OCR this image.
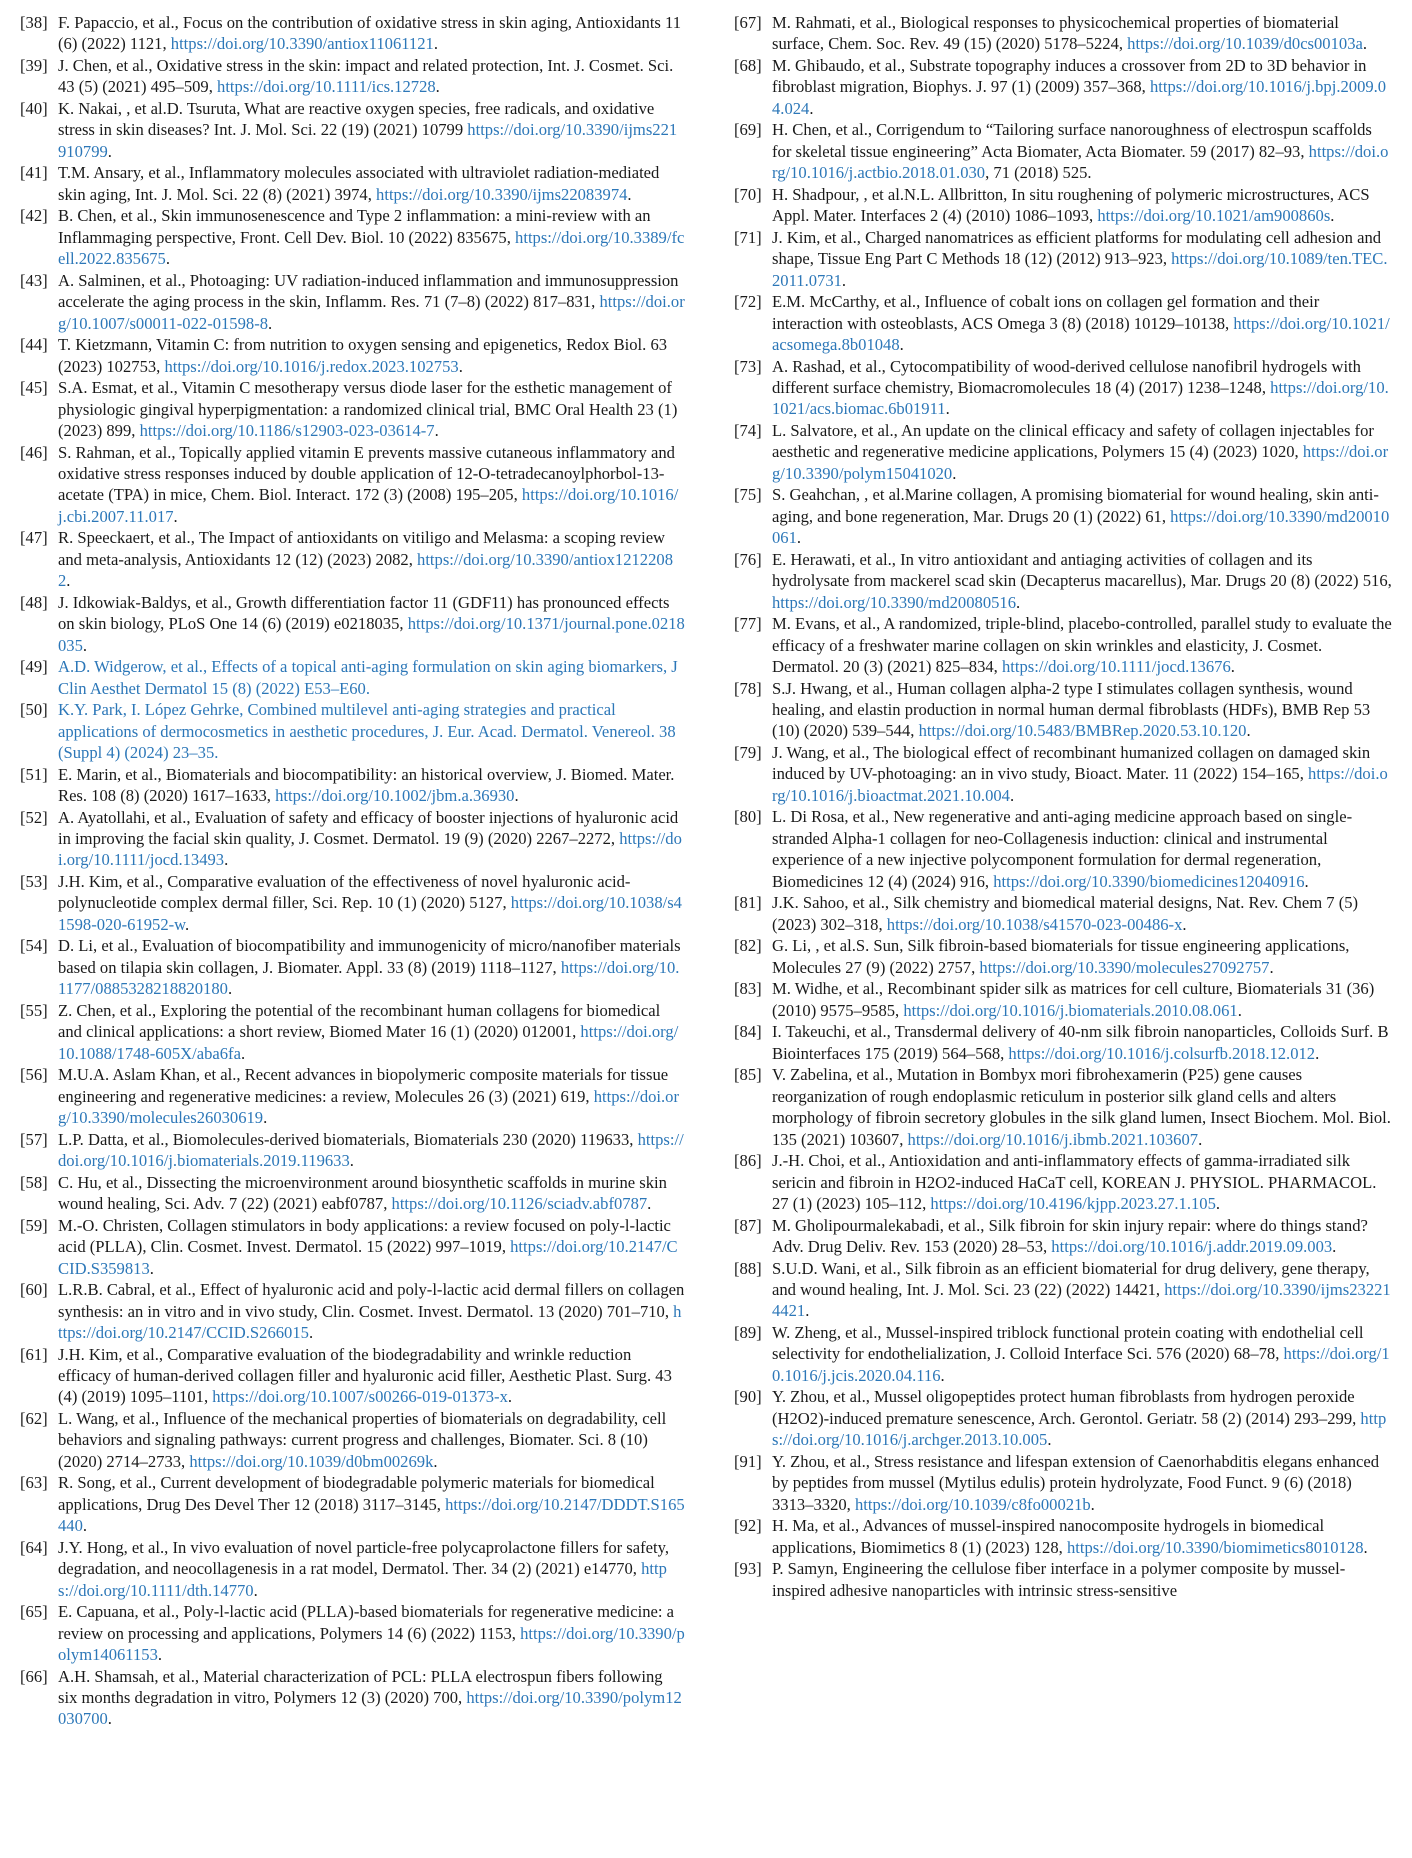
[38] F. Papaccio, et al., Focus on the contribution of oxidative stress in skin aging, Antioxidants 11 (6) (2022) 1121, https://doi.org/10.3390/antiox11061121.
[39] J. Chen, et al., Oxidative stress in the skin: impact and related protection, Int. J. Cosmet. Sci. 43 (5) (2021) 495–509, https://doi.org/10.1111/ics.12728.
[40] K. Nakai, , et al.D. Tsuruta, What are reactive oxygen species, free radicals, and oxidative stress in skin diseases? Int. J. Mol. Sci. 22 (19) (2021) 10799 https://doi.org/10.3390/ijms221910799.
[41] T.M. Ansary, et al., Inflammatory molecules associated with ultraviolet radiation-mediated skin aging, Int. J. Mol. Sci. 22 (8) (2021) 3974, https://doi.org/10.3390/ijms22083974.
[42] B. Chen, et al., Skin immunosenescence and Type 2 inflammation: a mini-review with an Inflammaging perspective, Front. Cell Dev. Biol. 10 (2022) 835675, https://doi.org/10.3389/fcell.2022.835675.
[43] A. Salminen, et al., Photoaging: UV radiation-induced inflammation and immunosuppression accelerate the aging process in the skin, Inflamm. Res. 71 (7–8) (2022) 817–831, https://doi.org/10.1007/s00011-022-01598-8.
[44] T. Kietzmann, Vitamin C: from nutrition to oxygen sensing and epigenetics, Redox Biol. 63 (2023) 102753, https://doi.org/10.1016/j.redox.2023.102753.
[45] S.A. Esmat, et al., Vitamin C mesotherapy versus diode laser for the esthetic management of physiologic gingival hyperpigmentation: a randomized clinical trial, BMC Oral Health 23 (1) (2023) 899, https://doi.org/10.1186/s12903-023-03614-7.
[46] S. Rahman, et al., Topically applied vitamin E prevents massive cutaneous inflammatory and oxidative stress responses induced by double application of 12-O-tetradecanoylphorbol-13-acetate (TPA) in mice, Chem. Biol. Interact. 172 (3) (2008) 195–205, https://doi.org/10.1016/j.cbi.2007.11.017.
[47] R. Speeckaert, et al., The Impact of antioxidants on vitiligo and Melasma: a scoping review and meta-analysis, Antioxidants 12 (12) (2023) 2082, https://doi.org/10.3390/antiox12122082.
[48] J. Idkowiak-Baldys, et al., Growth differentiation factor 11 (GDF11) has pronounced effects on skin biology, PLoS One 14 (6) (2019) e0218035, https://doi.org/10.1371/journal.pone.0218035.
[49] A.D. Widgerow, et al., Effects of a topical anti-aging formulation on skin aging biomarkers, J Clin Aesthet Dermatol 15 (8) (2022) E53–E60.
[50] K.Y. Park, I. López Gehrke, Combined multilevel anti-aging strategies and practical applications of dermocosmetics in aesthetic procedures, J. Eur. Acad. Dermatol. Venereol. 38 (Suppl 4) (2024) 23–35.
[51] E. Marin, et al., Biomaterials and biocompatibility: an historical overview, J. Biomed. Mater. Res. 108 (8) (2020) 1617–1633, https://doi.org/10.1002/jbm.a.36930.
[52] A. Ayatollahi, et al., Evaluation of safety and efficacy of booster injections of hyaluronic acid in improving the facial skin quality, J. Cosmet. Dermatol. 19 (9) (2020) 2267–2272, https://doi.org/10.1111/jocd.13493.
[53] J.H. Kim, et al., Comparative evaluation of the effectiveness of novel hyaluronic acid-polynucleotide complex dermal filler, Sci. Rep. 10 (1) (2020) 5127, https://doi.org/10.1038/s41598-020-61952-w.
[54] D. Li, et al., Evaluation of biocompatibility and immunogenicity of micro/nanofiber materials based on tilapia skin collagen, J. Biomater. Appl. 33 (8) (2019) 1118–1127, https://doi.org/10.1177/0885328218820180.
[55] Z. Chen, et al., Exploring the potential of the recombinant human collagens for biomedical and clinical applications: a short review, Biomed Mater 16 (1) (2020) 012001, https://doi.org/10.1088/1748-605X/aba6fa.
[56] M.U.A. Aslam Khan, et al., Recent advances in biopolymeric composite materials for tissue engineering and regenerative medicines: a review, Molecules 26 (3) (2021) 619, https://doi.org/10.3390/molecules26030619.
[57] L.P. Datta, et al., Biomolecules-derived biomaterials, Biomaterials 230 (2020) 119633, https://doi.org/10.1016/j.biomaterials.2019.119633.
[58] C. Hu, et al., Dissecting the microenvironment around biosynthetic scaffolds in murine skin wound healing, Sci. Adv. 7 (22) (2021) eabf0787, https://doi.org/10.1126/sciadv.abf0787.
[59] M.-O. Christen, Collagen stimulators in body applications: a review focused on poly-l-lactic acid (PLLA), Clin. Cosmet. Invest. Dermatol. 15 (2022) 997–1019, https://doi.org/10.2147/CCID.S359813.
[60] L.R.B. Cabral, et al., Effect of hyaluronic acid and poly-l-lactic acid dermal fillers on collagen synthesis: an in vitro and in vivo study, Clin. Cosmet. Invest. Dermatol. 13 (2020) 701–710, https://doi.org/10.2147/CCID.S266015.
[61] J.H. Kim, et al., Comparative evaluation of the biodegradability and wrinkle reduction efficacy of human-derived collagen filler and hyaluronic acid filler, Aesthetic Plast. Surg. 43 (4) (2019) 1095–1101, https://doi.org/10.1007/s00266-019-01373-x.
[62] L. Wang, et al., Influence of the mechanical properties of biomaterials on degradability, cell behaviors and signaling pathways: current progress and challenges, Biomater. Sci. 8 (10) (2020) 2714–2733, https://doi.org/10.1039/d0bm00269k.
[63] R. Song, et al., Current development of biodegradable polymeric materials for biomedical applications, Drug Des Devel Ther 12 (2018) 3117–3145, https://doi.org/10.2147/DDDT.S165440.
[64] J.Y. Hong, et al., In vivo evaluation of novel particle-free polycaprolactone fillers for safety, degradation, and neocollagenesis in a rat model, Dermatol. Ther. 34 (2) (2021) e14770, https://doi.org/10.1111/dth.14770.
[65] E. Capuana, et al., Poly-l-lactic acid (PLLA)-based biomaterials for regenerative medicine: a review on processing and applications, Polymers 14 (6) (2022) 1153, https://doi.org/10.3390/polym14061153.
[66] A.H. Shamsah, et al., Material characterization of PCL: PLLA electrospun fibers following six months degradation in vitro, Polymers 12 (3) (2020) 700, https://doi.org/10.3390/polym12030700.
[67] M. Rahmati, et al., Biological responses to physicochemical properties of biomaterial surface, Chem. Soc. Rev. 49 (15) (2020) 5178–5224, https://doi.org/10.1039/d0cs00103a.
[68] M. Ghibaudo, et al., Substrate topography induces a crossover from 2D to 3D behavior in fibroblast migration, Biophys. J. 97 (1) (2009) 357–368, https://doi.org/10.1016/j.bpj.2009.04.024.
[69] H. Chen, et al., Corrigendum to “Tailoring surface nanoroughness of electrospun scaffolds for skeletal tissue engineering” Acta Biomater, Acta Biomater. 59 (2017) 82–93, https://doi.org/10.1016/j.actbio.2018.01.030, 71 (2018) 525.
[70] H. Shadpour, , et al.N.L. Allbritton, In situ roughening of polymeric microstructures, ACS Appl. Mater. Interfaces 2 (4) (2010) 1086–1093, https://doi.org/10.1021/am900860s.
[71] J. Kim, et al., Charged nanomatrices as efficient platforms for modulating cell adhesion and shape, Tissue Eng Part C Methods 18 (12) (2012) 913–923, https://doi.org/10.1089/ten.TEC.2011.0731.
[72] E.M. McCarthy, et al., Influence of cobalt ions on collagen gel formation and their interaction with osteoblasts, ACS Omega 3 (8) (2018) 10129–10138, https://doi.org/10.1021/acsomega.8b01048.
[73] A. Rashad, et al., Cytocompatibility of wood-derived cellulose nanofibril hydrogels with different surface chemistry, Biomacromolecules 18 (4) (2017) 1238–1248, https://doi.org/10.1021/acs.biomac.6b01911.
[74] L. Salvatore, et al., An update on the clinical efficacy and safety of collagen injectables for aesthetic and regenerative medicine applications, Polymers 15 (4) (2023) 1020, https://doi.org/10.3390/polym15041020.
[75] S. Geahchan, , et al.Marine collagen, A promising biomaterial for wound healing, skin anti-aging, and bone regeneration, Mar. Drugs 20 (1) (2022) 61, https://doi.org/10.3390/md20010061.
[76] E. Herawati, et al., In vitro antioxidant and antiaging activities of collagen and its hydrolysate from mackerel scad skin (Decapterus macarellus), Mar. Drugs 20 (8) (2022) 516, https://doi.org/10.3390/md20080516.
[77] M. Evans, et al., A randomized, triple-blind, placebo-controlled, parallel study to evaluate the efficacy of a freshwater marine collagen on skin wrinkles and elasticity, J. Cosmet. Dermatol. 20 (3) (2021) 825–834, https://doi.org/10.1111/jocd.13676.
[78] S.J. Hwang, et al., Human collagen alpha-2 type I stimulates collagen synthesis, wound healing, and elastin production in normal human dermal fibroblasts (HDFs), BMB Rep 53 (10) (2020) 539–544, https://doi.org/10.5483/BMBRep.2020.53.10.120.
[79] J. Wang, et al., The biological effect of recombinant humanized collagen on damaged skin induced by UV-photoaging: an in vivo study, Bioact. Mater. 11 (2022) 154–165, https://doi.org/10.1016/j.bioactmat.2021.10.004.
[80] L. Di Rosa, et al., New regenerative and anti-aging medicine approach based on single-stranded Alpha-1 collagen for neo-Collagenesis induction: clinical and instrumental experience of a new injective polycomponent formulation for dermal regeneration, Biomedicines 12 (4) (2024) 916, https://doi.org/10.3390/biomedicines12040916.
[81] J.K. Sahoo, et al., Silk chemistry and biomedical material designs, Nat. Rev. Chem 7 (5) (2023) 302–318, https://doi.org/10.1038/s41570-023-00486-x.
[82] G. Li, , et al.S. Sun, Silk fibroin-based biomaterials for tissue engineering applications, Molecules 27 (9) (2022) 2757, https://doi.org/10.3390/molecules27092757.
[83] M. Widhe, et al., Recombinant spider silk as matrices for cell culture, Biomaterials 31 (36) (2010) 9575–9585, https://doi.org/10.1016/j.biomaterials.2010.08.061.
[84] I. Takeuchi, et al., Transdermal delivery of 40-nm silk fibroin nanoparticles, Colloids Surf. B Biointerfaces 175 (2019) 564–568, https://doi.org/10.1016/j.colsurfb.2018.12.012.
[85] V. Zabelina, et al., Mutation in Bombyx mori fibrohexamerin (P25) gene causes reorganization of rough endoplasmic reticulum in posterior silk gland cells and alters morphology of fibroin secretory globules in the silk gland lumen, Insect Biochem. Mol. Biol. 135 (2021) 103607, https://doi.org/10.1016/j.ibmb.2021.103607.
[86] J.-H. Choi, et al., Antioxidation and anti-inflammatory effects of gamma-irradiated silk sericin and fibroin in H2O2-induced HaCaT cell, KOREAN J. PHYSIOL. PHARMACOL. 27 (1) (2023) 105–112, https://doi.org/10.4196/kjpp.2023.27.1.105.
[87] M. Gholipourmalekabadi, et al., Silk fibroin for skin injury repair: where do things stand? Adv. Drug Deliv. Rev. 153 (2020) 28–53, https://doi.org/10.1016/j.addr.2019.09.003.
[88] S.U.D. Wani, et al., Silk fibroin as an efficient biomaterial for drug delivery, gene therapy, and wound healing, Int. J. Mol. Sci. 23 (22) (2022) 14421, https://doi.org/10.3390/ijms232214421.
[89] W. Zheng, et al., Mussel-inspired triblock functional protein coating with endothelial cell selectivity for endothelialization, J. Colloid Interface Sci. 576 (2020) 68–78, https://doi.org/10.1016/j.jcis.2020.04.116.
[90] Y. Zhou, et al., Mussel oligopeptides protect human fibroblasts from hydrogen peroxide (H2O2)-induced premature senescence, Arch. Gerontol. Geriatr. 58 (2) (2014) 293–299, https://doi.org/10.1016/j.archger.2013.10.005.
[91] Y. Zhou, et al., Stress resistance and lifespan extension of Caenorhabditis elegans enhanced by peptides from mussel (Mytilus edulis) protein hydrolyzate, Food Funct. 9 (6) (2018) 3313–3320, https://doi.org/10.1039/c8fo00021b.
[92] H. Ma, et al., Advances of mussel-inspired nanocomposite hydrogels in biomedical applications, Biomimetics 8 (1) (2023) 128, https://doi.org/10.3390/biomimetics8010128.
[93] P. Samyn, Engineering the cellulose fiber interface in a polymer composite by mussel-inspired adhesive nanoparticles with intrinsic stress-sensitive
